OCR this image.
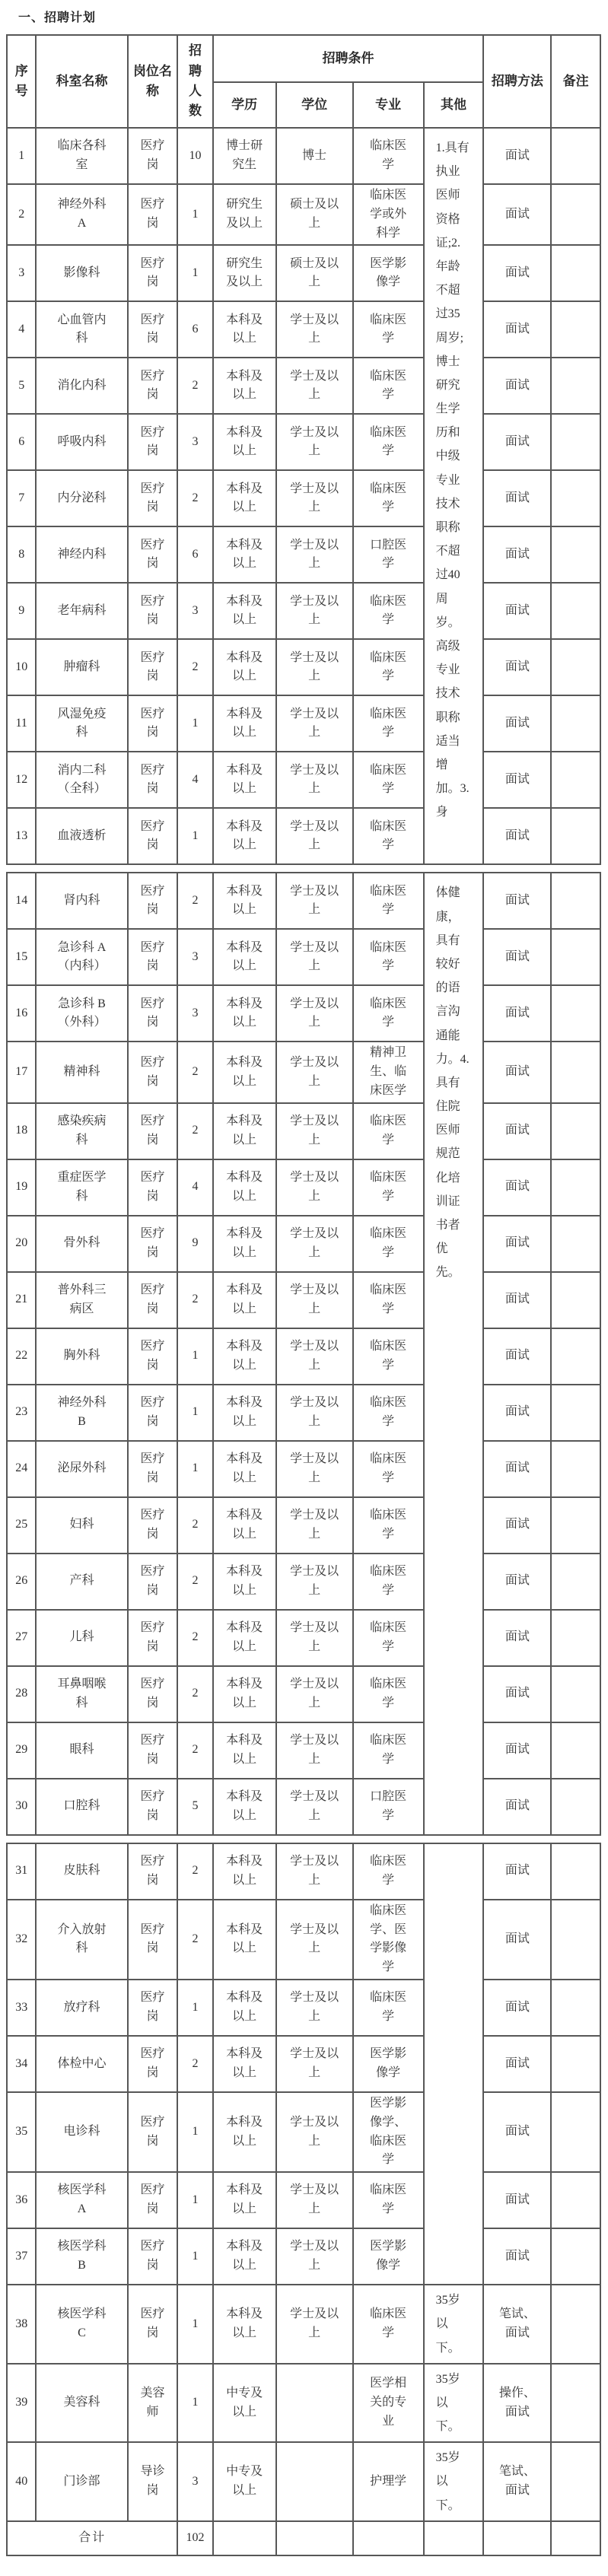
一、招聘计划
序号	科室名称	岗位名称	招聘人数	招聘条件				招聘方法	备注
				学历	学位	专业	其他		
1	临床各科室	医疗岗	10	博士研究生	博士	临床医学	1.具有执业医师资格证;2.年龄不超过35周岁;博士研究生学历和中级专业技术职称不超过40周岁。高级专业技术职称适当增加。3.身	面试	
2	神经外科 A	医疗岗	1	研究生及以上	硕士及以上	临床医学或外科学		面试	
3	影像科	医疗岗	1	研究生及以上	硕士及以上	医学影像学		面试	
4	心血管内科	医疗岗	6	本科及以上	学士及以上	临床医学		面试	
5	消化内科	医疗岗	2	本科及以上	学士及以上	临床医学		面试	
6	呼吸内科	医疗岗	3	本科及以上	学士及以上	临床医学		面试	
7	内分泌科	医疗岗	2	本科及以上	学士及以上	临床医学		面试	
8	神经内科	医疗岗	6	本科及以上	学士及以上	口腔医学		面试	
9	老年病科	医疗岗	3	本科及以上	学士及以上	临床医学		面试	
10	肿瘤科	医疗岗	2	本科及以上	学士及以上	临床医学		面试	
11	风湿免疫科	医疗岗	1	本科及以上	学士及以上	临床医学		面试	
12	消内二科（全科）	医疗岗	4	本科及以上	学士及以上	临床医学		面试	
13	血液透析	医疗岗	1	本科及以上	学士及以上	临床医学		面试	
14	肾内科	医疗岗	2	本科及以上	学士及以上	临床医学	体健康，具有较好的语言沟通能力。4.具有住院医师规范化培训证书者优先。	面试	
15	急诊科 A（内科）	医疗岗	3	本科及以上	学士及以上	临床医学		面试	
16	急诊科 B（外科）	医疗岗	3	本科及以上	学士及以上	临床医学		面试	
17	精神科	医疗岗	2	本科及以上	学士及以上	精神卫生、临床医学		面试	
18	感染疾病科	医疗岗	2	本科及以上	学士及以上	临床医学		面试	
19	重症医学科	医疗岗	4	本科及以上	学士及以上	临床医学		面试	
20	骨外科	医疗岗	9	本科及以上	学士及以上	临床医学		面试	
21	普外科三病区	医疗岗	2	本科及以上	学士及以上	临床医学		面试	
22	胸外科	医疗岗	1	本科及以上	学士及以上	临床医学		面试	
23	神经外科 B	医疗岗	1	本科及以上	学士及以上	临床医学		面试	
24	泌尿外科	医疗岗	1	本科及以上	学士及以上	临床医学		面试	
25	妇科	医疗岗	2	本科及以上	学士及以上	临床医学		面试	
26	产科	医疗岗	2	本科及以上	学士及以上	临床医学		面试	
27	儿科	医疗岗	2	本科及以上	学士及以上	临床医学		面试	
28	耳鼻咽喉科	医疗岗	2	本科及以上	学士及以上	临床医学		面试	
29	眼科	医疗岗	2	本科及以上	学士及以上	临床医学		面试	
30	口腔科	医疗岗	5	本科及以上	学士及以上	口腔医学		面试	
31	皮肤科	医疗岗	2	本科及以上	学士及以上	临床医学		面试	
32	介入放射科	医疗岗	2	本科及以上	学士及以上	临床医学、医学影像学		面试	
33	放疗科	医疗岗	1	本科及以上	学士及以上	临床医学		面试	
34	体检中心	医疗岗	2	本科及以上	学士及以上	医学影像学		面试	
35	电诊科	医疗岗	1	本科及以上	学士及以上	医学影像学、临床医学		面试	
36	核医学科 A	医疗岗	1	本科及以上	学士及以上	临床医学		面试	
37	核医学科 B	医疗岗	1	本科及以上	学士及以上	医学影像学		面试	
38	核医学科 C	医疗岗	1	本科及以上	学士及以上	临床医学	35岁以下。	笔试、面试	
39	美容科	美容师	1	中专及以上		医学相关的专业	35岁以下。	操作、面试	
40	门诊部	导诊岗	3	中专及以上		护理学	35岁以下。	笔试、面试	
合计			102						
